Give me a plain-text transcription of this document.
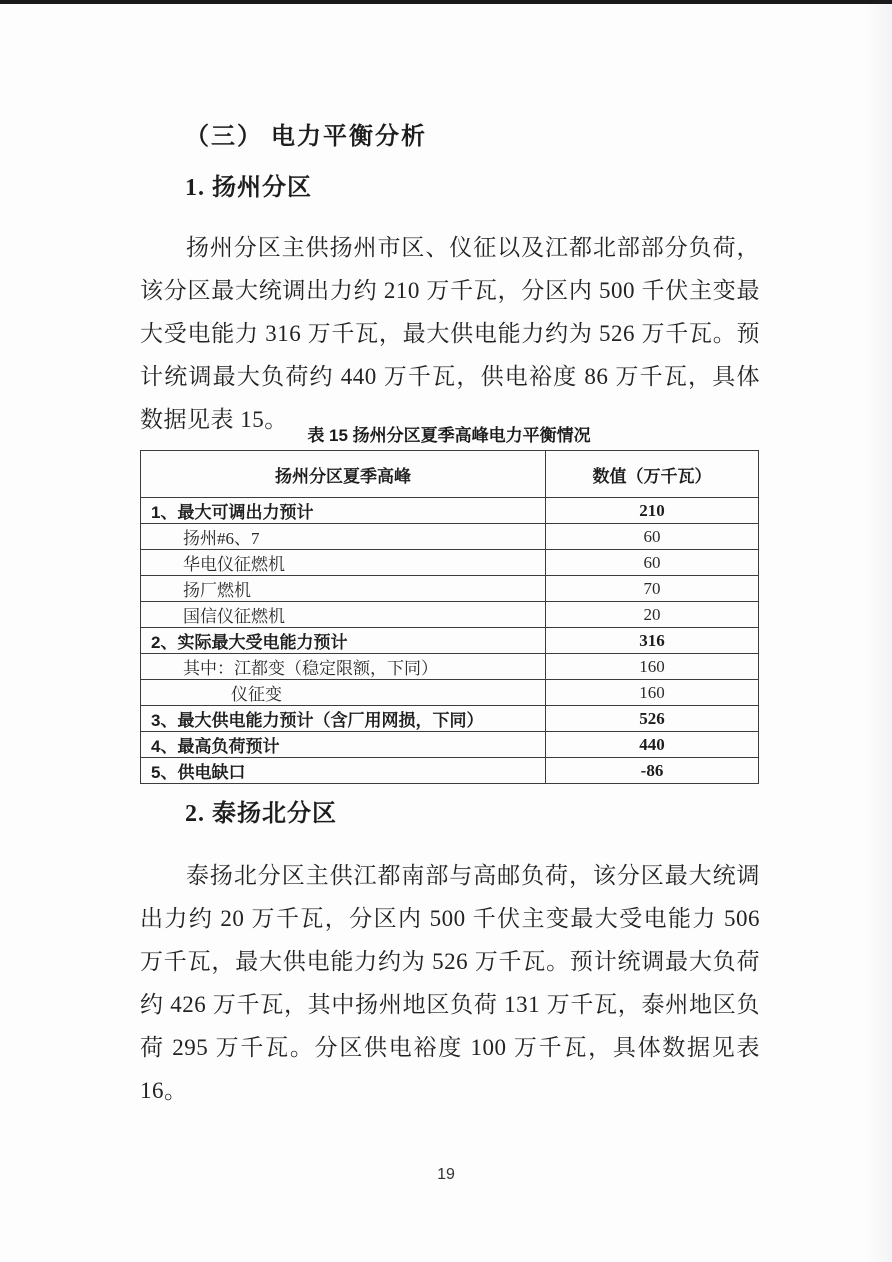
（三） 电力平衡分析
1. 扬州分区

扬州分区主供扬州市区、仪征以及江都北部部分负荷，该分区最大统调出力约 210 万千瓦，分区内 500 千伏主变最大受电能力 316 万千瓦，最大供电能力约为 526 万千瓦。预计统调最大负荷约 440 万千瓦，供电裕度 86 万千瓦，具体数据见表 15。

表 15 扬州分区夏季高峰电力平衡情况
扬州分区夏季高峰	数值（万千瓦）
1、最大可调出力预计	210
扬州#6、7	60
华电仪征燃机	60
扬厂燃机	70
国信仪征燃机	20
2、实际最大受电能力预计	316
其中：江都变（稳定限额，下同）	160
仪征变	160
3、最大供电能力预计（含厂用网损，下同）	526
4、最高负荷预计	440
5、供电缺口	-86
2. 泰扬北分区

泰扬北分区主供江都南部与高邮负荷，该分区最大统调出力约 20 万千瓦，分区内 500 千伏主变最大受电能力 506 万千瓦，最大供电能力约为 526 万千瓦。预计统调最大负荷约 426 万千瓦，其中扬州地区负荷 131 万千瓦，泰州地区负荷 295 万千瓦。分区供电裕度 100 万千瓦，具体数据见表 16。

19
